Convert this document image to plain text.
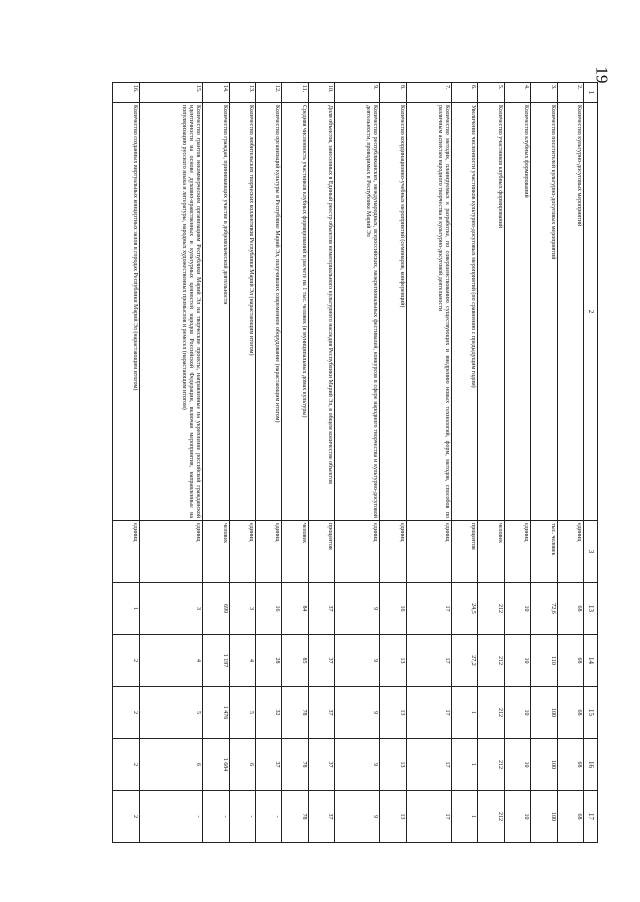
19
1	2	3	13	14	15	16	17
2.	Количество культурно-досуговых мероприятий	единиц	68	68	68	68	68
3.	Количество посетителей культурно-досуговых мероприятий	тыс. человек	72,6	110	100	100	100
4.	Количество клубных формирований	единиц	10	10	10	10	10
5.	Количество участников клубных формирований	человек	212	212	212	212	212
6.	Увеличение численности участников культурно-досуговых мероприятий (по сравнению с предыдущим годом)	процентов	24,5	27,2	1	1	1
7.	Количество методик, планируемых к разработке, по совершенствованию существующих и внедрению новых технологий, форм, методов, способов по различным аспектам народного творчества и культурно-досуговой деятельности	единиц	17	17	17	17	17
8.	Количество координационно-учебных мероприятий (семинаров, конференций)	единиц	16	13	13	13	13
9.	Количество республиканских, международных, всероссийских, межрегиональных фестивалей, конкурсов в сфере народного творчества и культурно-досуговой деятельности, проводимых в Республике Марий Эл	единиц	9	9	9	9	9
10.	Доля объектов, занесенных в Единый реестр объектов нематериального культурного наследия Республики Марий Эл, в общем количестве объектов	процентов	37	37	37	37	37
11.	Средняя численность участников клубных формирований в расчете на 1 тыс. человек (в муниципальных домах культуры)	человек	84	85	78	78	78
12.	Количество организаций культуры в Республике Марий Эл, получивших современное оборудование (нарастающим итогом)	единиц	16	28	32	37	-
13.	Количество любительских творческих коллективов Республики Марий Эл (нарастающим итогом)	единиц	3	4	5	6	-
14.	Количество граждан, принимающих участие в добровольческой деятельности	человек	699	1 197	1 476	1 684	-
15.	Количество грантов некоммерческим организациям Республики Марий Эл на творческие проекты, направленные на укрепление российской гражданской идентичности на основе духовно-нравственных и культурных ценностей народов Российской Федерации, включая мероприятия, направленные на популяризацию русского языка и литературы, народных художественных промыслов и ремесел (нарастающим итогом)	единиц	3	4	5	6	-
16.	Количество созданных виртуальных концертных залов в городах Республики Марий Эл (нарастающим итогом)	единиц	1	2	2	2	2
